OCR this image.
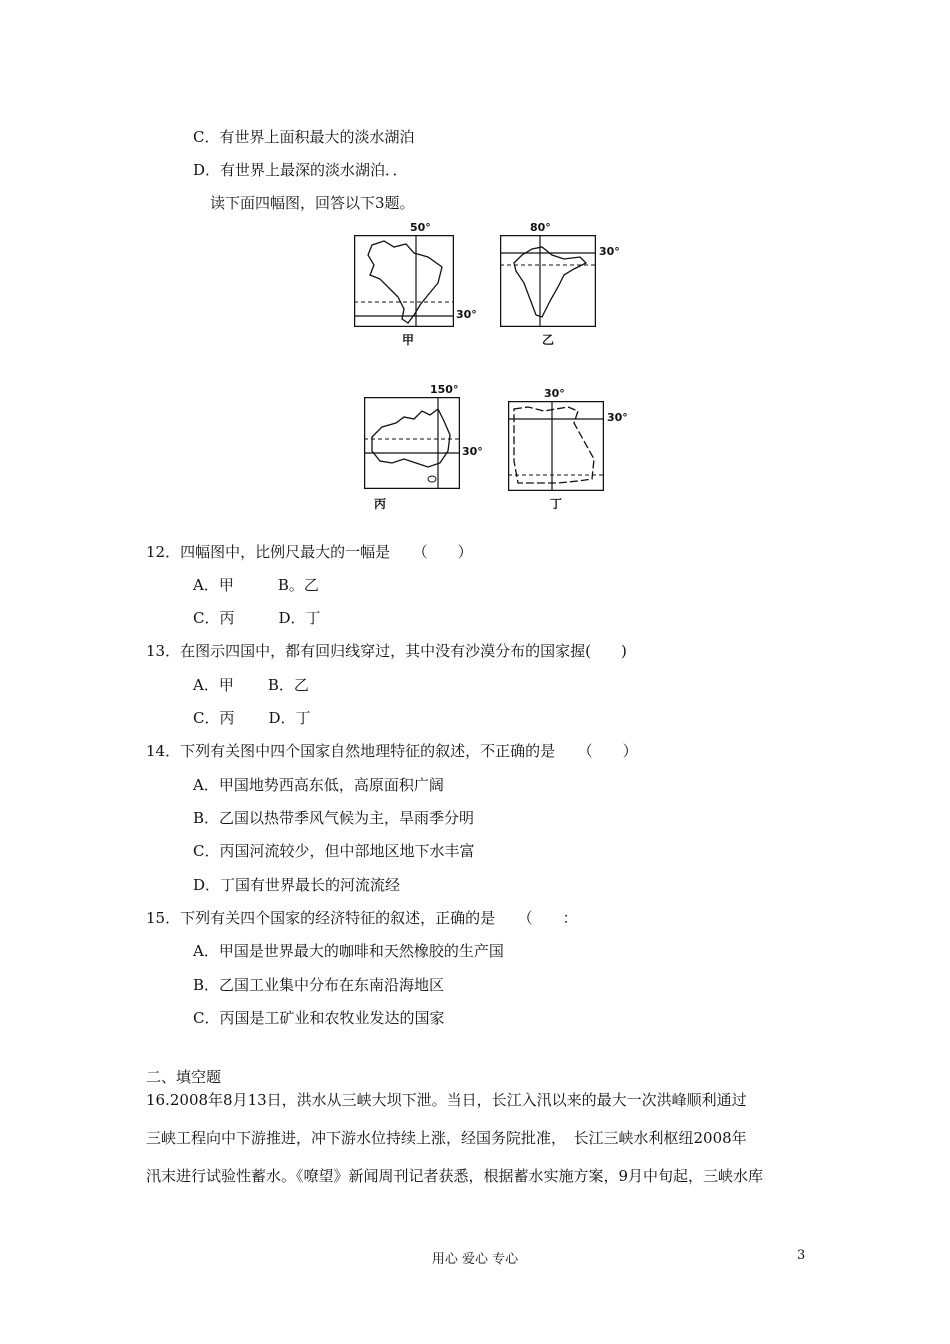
C．有世界上面积最大的淡水湖泊
D．有世界上最深的淡水湖泊．．
读下面四幅图，回答以下3题。
50°
30°
甲
80°
30°
乙
150°
30°
丙
30°
30°
丁
12．四幅图中，比例尺最大的一幅是　　（　　）
A．甲	B。乙
C．丙	D．丁
13．在图示四国中，都有回归线穿过，其中没有沙漠分布的国家握(　　)
A．甲 B．乙
C．丙 D．丁
14．下列有关图中四个国家自然地理特征的叙述，不正确的是　　（　　）
A．甲国地势西高东低，高原面积广阔
B．乙国以热带季风气候为主，旱雨季分明
C．丙国河流较少，但中部地区地下水丰富
D．丁国有世界最长的河流流经
15．下列有关四个国家的经济特征的叙述，正确的是　　（　　：
A．甲国是世界最大的咖啡和天然橡胶的生产国
B．乙国工业集中分布在东南沿海地区
C．丙国是工矿业和农牧业发达的国家
二、填空题
16.2008年8月13日，洪水从三峡大坝下泄。当日，长江入汛以来的最大一次洪峰顺利通过
三峡工程向中下游推进，冲下游水位持续上涨，经国务院批准，　长江三峡水利枢纽2008年
汛末进行试验性蓄水。《嘹望》新闻周刊记者获悉，根据蓄水实施方案，9月中旬起，三峡水库
用心 爱心 专心	3
